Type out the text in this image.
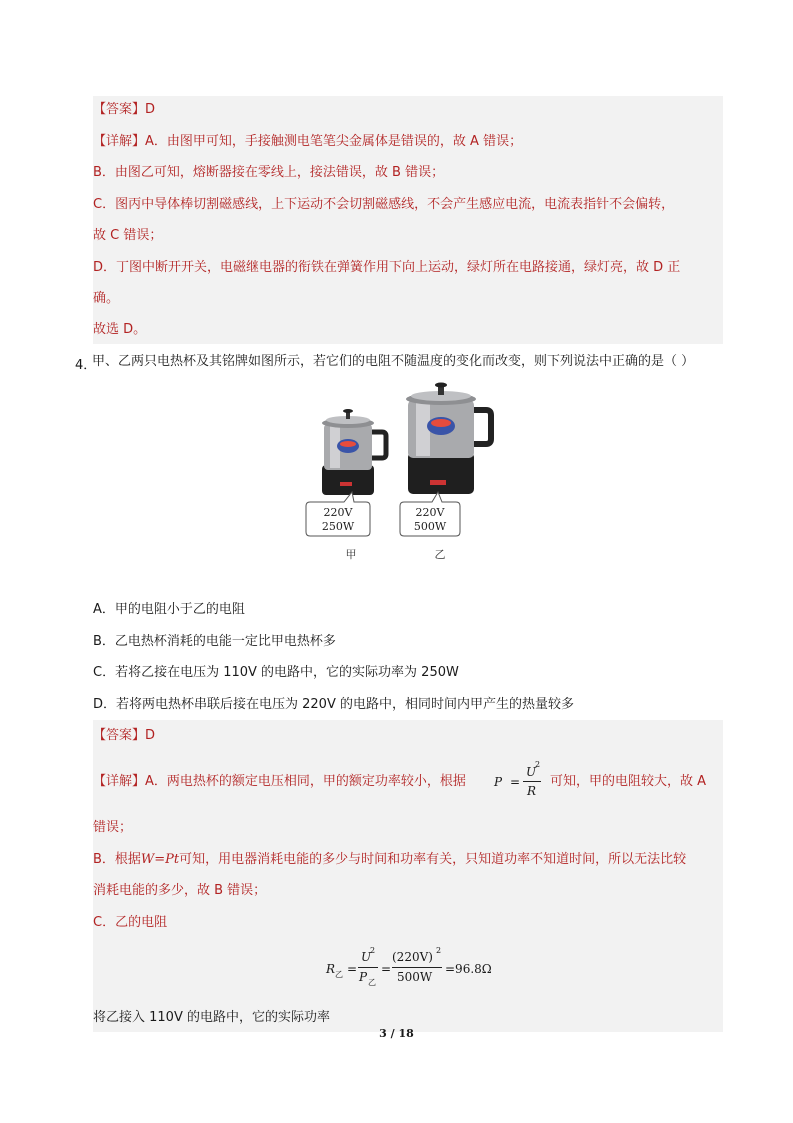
【答案】D
【详解】A．由图甲可知，手接触测电笔笔尖金属体是错误的，故 A 错误；
B．由图乙可知，熔断器接在零线上，接法错误，故 B 错误；
C．图丙中导体棒切割磁感线，上下运动不会切割磁感线，不会产生感应电流，电流表指针不会偏转，
故 C 错误；
D．丁图中断开开关，电磁继电器的衔铁在弹簧作用下向上运动，绿灯所在电路接通，绿灯亮，故 D 正
确。
故选 D。
4．
甲、乙两只电热杯及其铭牌如图所示，若它们的电阻不随温度的变化而改变，则下列说法中正确的是（ ）
220V
250W
220V
500W
甲	乙
A．甲的电阻小于乙的电阻
B．乙电热杯消耗的电能一定比甲电热杯多
C．若将乙接在电压为 110V 的电路中，它的实际功率为 250W
D．若将两电热杯串联后接在电压为 220V 的电路中，相同时间内甲产生的热量较多
【答案】D
【详解】A．两电热杯的额定电压相同，甲的额定功率较小，根据 P =
U
2
R
可知，甲的电阻较大，故 A
错误；
B．根据W=Pt可知，用电器消耗电能的多少与时间和功率有关，只知道功率不知道时间，所以无法比较
消耗电能的多少，故 B 错误；
C．乙的电阻
R 乙 =
U
2
P 乙
=
(220V) 2
500W
=96.8Ω
将乙接入 110V 的电路中，它的实际功率
3 / 18
